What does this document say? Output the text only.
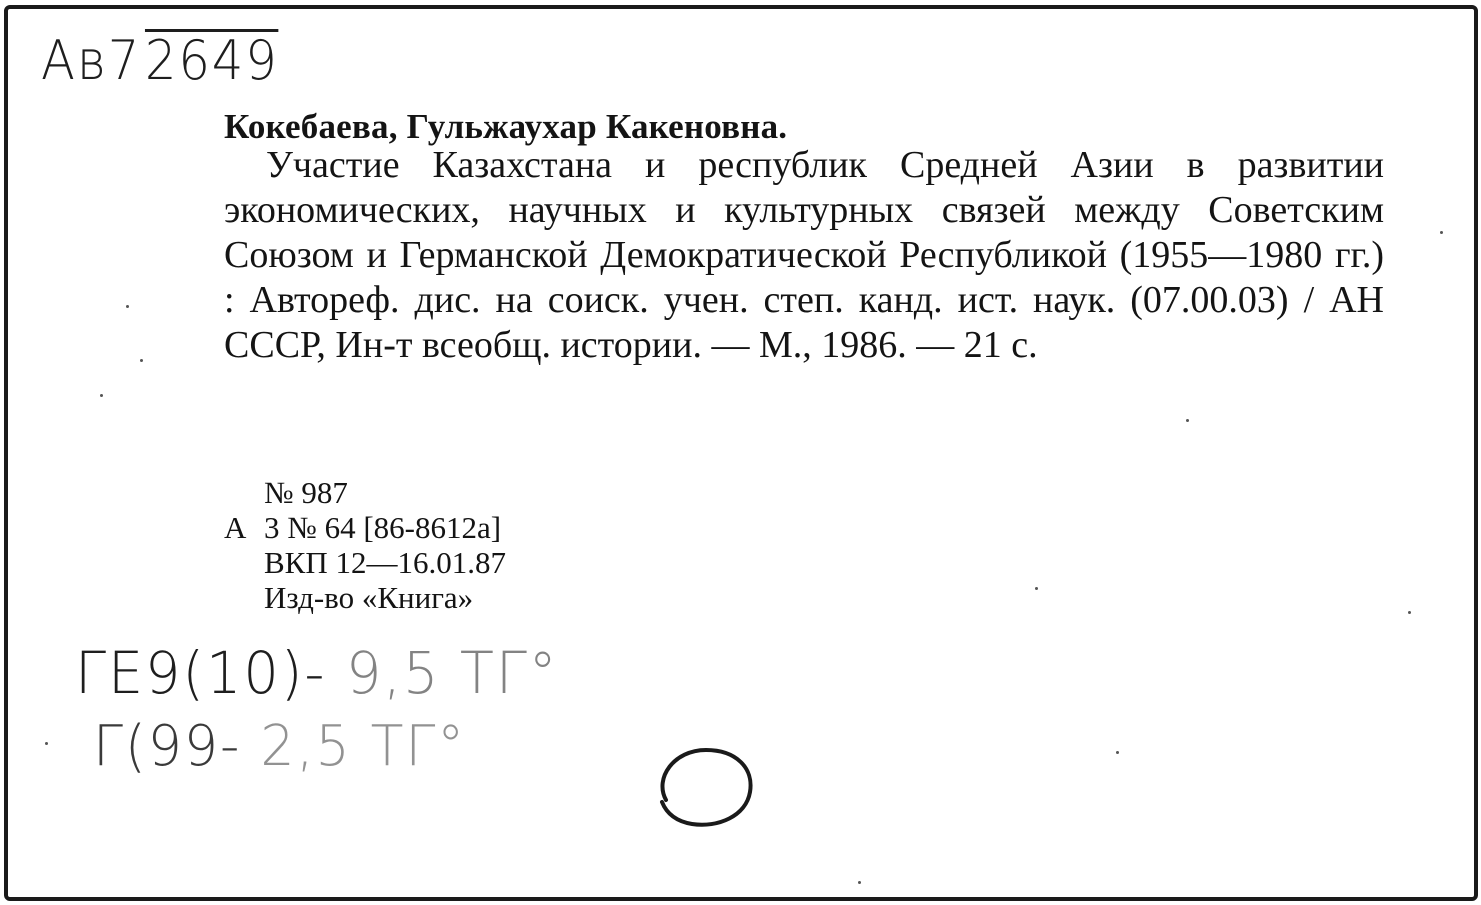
Ав72649
Кокебаева, Гульжаухар Какеновна.

Участие Казахстана и республик Средней Азии в развитии экономических, научных и культурных связей между Советским Союзом и Германской Демократической Республикой (1955—1980 гг.) : Автореф. дис. на соиск. учен. степ. канд. ист. наук. (07.00.03) / АН СССР, Ин-т всеобщ. истории. — М., 1986. — 21 с.

№ 987
А 3 № 64 [86-8612а]
ВКП 12—16.01.87
Изд-во «Книга»
ГЕ9(10)- 9,5 ТГ°
Г(99- 2,5 ТГ°
